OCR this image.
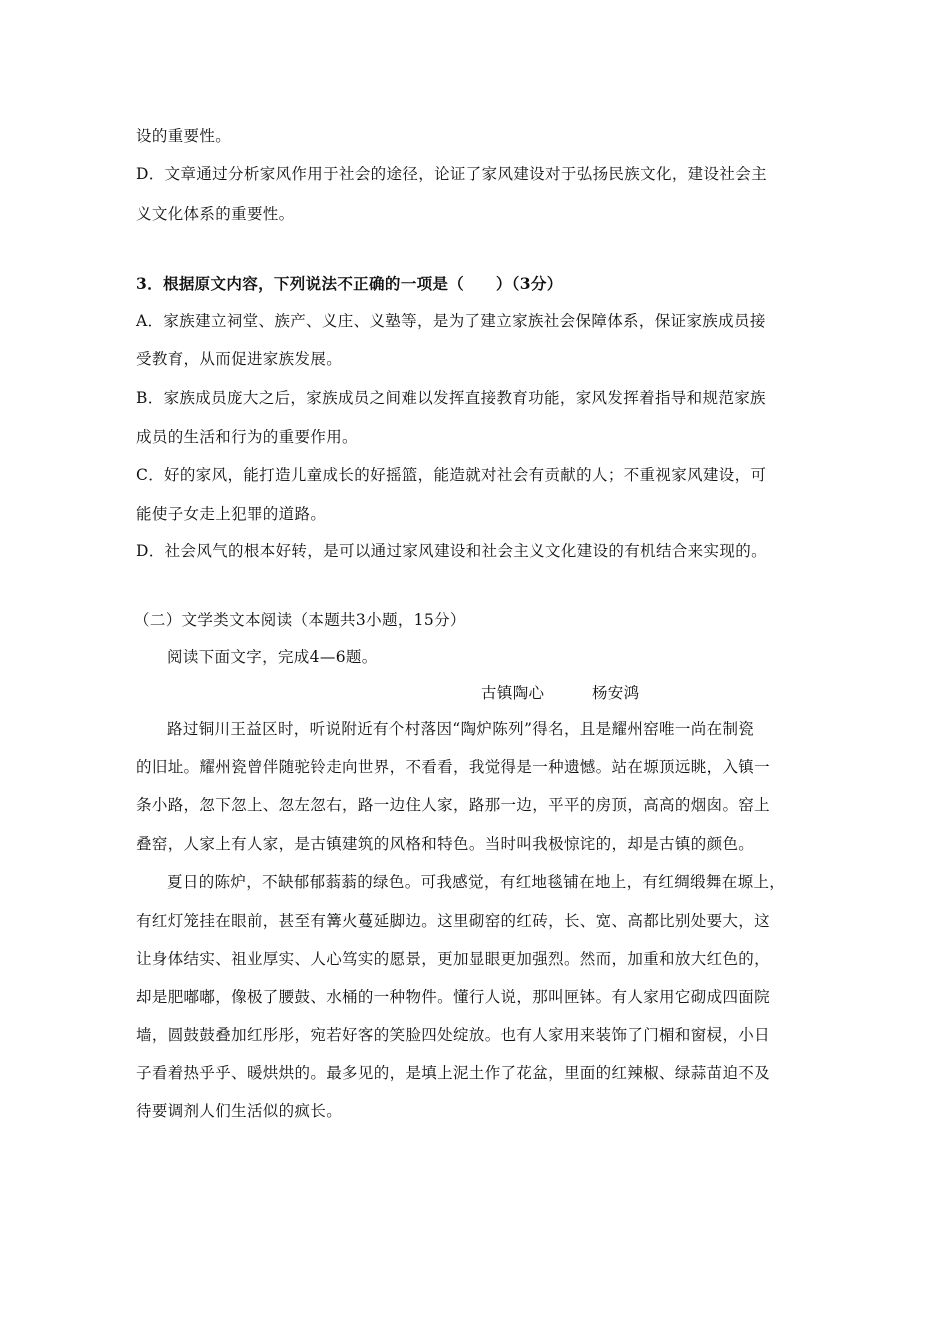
设的重要性。
D．文章通过分析家风作用于社会的途径，论证了家风建设对于弘扬民族文化，建设社会主
义文化体系的重要性。
3．根据原文内容，下列说法不正确的一项是（　　）（3分）
A．家族建立祠堂、族产、义庄、义塾等，是为了建立家族社会保障体系，保证家族成员接
受教育，从而促进家族发展。
B．家族成员庞大之后，家族成员之间难以发挥直接教育功能，家风发挥着指导和规范家族
成员的生活和行为的重要作用。
C．好的家风，能打造儿童成长的好摇篮，能造就对社会有贡献的人；不重视家风建设，可
能使子女走上犯罪的道路。
D．社会风气的根本好转，是可以通过家风建设和社会主义文化建设的有机结合来实现的。
（二）文学类文本阅读（本题共3小题，15分）
阅读下面文字，完成4—6题。
古镇陶心　　　杨安鸿
路过铜川王益区时，听说附近有个村落因“陶炉陈列”得名，且是耀州窑唯一尚在制瓷
的旧址。耀州瓷曾伴随驼铃走向世界，不看看，我觉得是一种遗憾。站在塬顶远眺，入镇一
条小路，忽下忽上、忽左忽右，路一边住人家，路那一边，平平的房顶，高高的烟囱。窑上
叠窑，人家上有人家，是古镇建筑的风格和特色。当时叫我极惊诧的，却是古镇的颜色。
夏日的陈炉，不缺郁郁蓊蓊的绿色。可我感觉，有红地毯铺在地上，有红绸缎舞在塬上，
有红灯笼挂在眼前，甚至有篝火蔓延脚边。这里砌窑的红砖，长、宽、高都比别处要大，这
让身体结实、祖业厚实、人心笃实的愿景，更加显眼更加强烈。然而，加重和放大红色的，
却是肥嘟嘟，像极了腰鼓、水桶的一种物件。懂行人说，那叫匣钵。有人家用它砌成四面院
墙，圆鼓鼓叠加红彤彤，宛若好客的笑脸四处绽放。也有人家用来装饰了门楣和窗棂，小日
子看着热乎乎、暖烘烘的。最多见的，是填上泥土作了花盆，里面的红辣椒、绿蒜苗迫不及
待要调剂人们生活似的疯长。
